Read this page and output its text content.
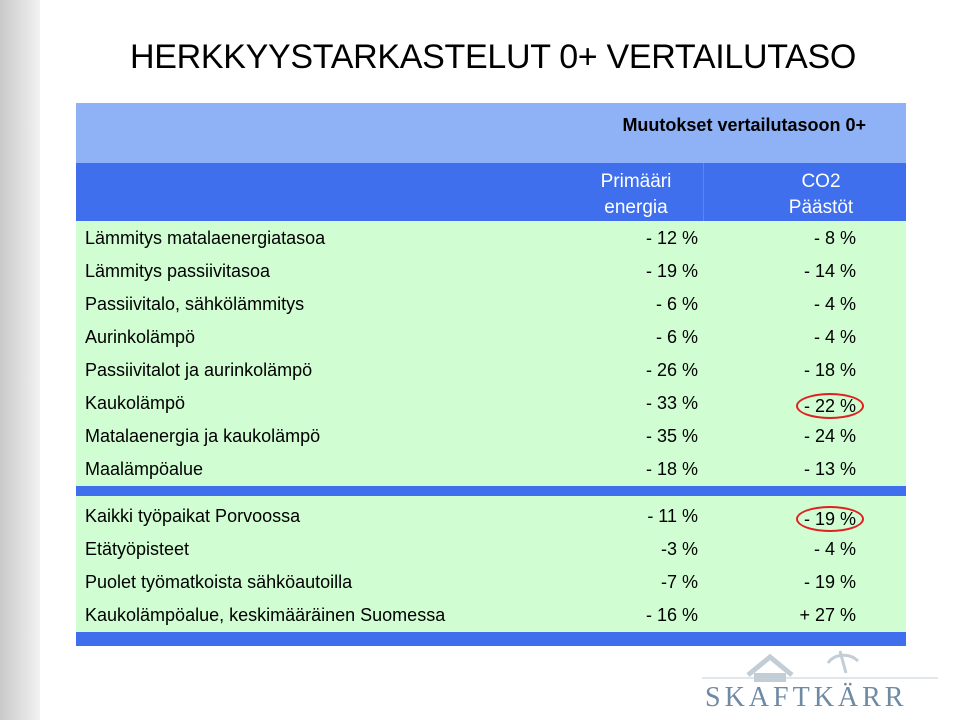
HERKKYYSTARKASTELUT 0+ VERTAILUTASO
Muutokset vertailutasoon 0+
Primääri
energia
CO2
Päästöt
Lämmitys matalaenergiatasoa	- 12 %	- 8 %
Lämmitys passiivitasoa	- 19 %	- 14 %
Passiivitalo, sähkölämmitys	- 6 %	- 4 %
Aurinkolämpö	- 6 %	- 4 %
Passiivitalot ja aurinkolämpö	- 26 %	- 18 %
Kaukolämpö	- 33 %	- 22 %
Matalaenergia ja kaukolämpö	- 35 %	- 24 %
Maalämpöalue	- 18 %	- 13 %
Kaikki työpaikat Porvoossa	- 11 %	- 19 %
Etätyöpisteet	-3 %	- 4 %
Puolet työmatkoista sähköautoilla	-7 %	- 19 %
Kaukolämpöalue, keskimääräinen Suomessa	- 16 %	+ 27 %
SKAFTKÄRR
